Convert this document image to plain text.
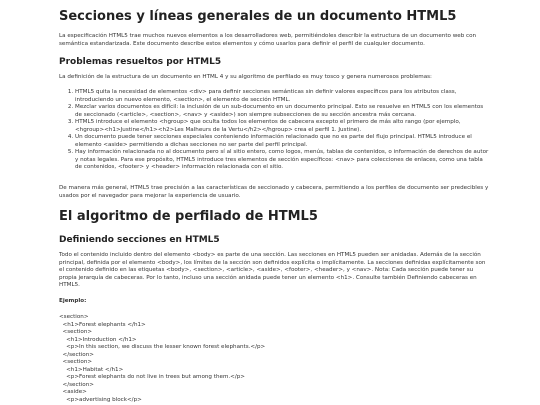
Secciones y líneas generales de un documento HTML5

La especificación HTML5 trae muchos nuevos elementos a los desarrolladores web, permitiéndoles describir la estructura de un documento web con semántica estandarizada. Este documento describe estos elementos y cómo usarlos para definir el perfil de cualquier documento.

Problemas resueltos por HTML5

La definición de la estructura de un documento en HTML 4 y su algoritmo de perfilado es muy tosco y genera numerosos problemas:

1. HTML5 quita la necesidad de elementos <div> para definir secciones semánticas sin definir valores específicos para los atributos class, introduciendo un nuevo elemento, <section>, el elemento de sección HTML.
2. Mezclar varios documentos es difícil: la inclusión de un sub-documento en un documento principal. Esto se resuelve en HTML5 con los elementos de seccionado (<article>, <section>, <nav> y <aside>) son siempre subsecciones de su sección ancestra más cercana.
3. HTML5 introduce el elemento <hgroup> que oculta todos los elementos de cabecera excepto el primero de más alto rango (por ejemplo, <hgroup><h1>Justine</h1><h2>Les Malheurs de la Vertu</h2></hgroup> crea el perfil 1. Justine).
4. Un documento puede tener secciones especiales conteniendo información relacionado que no es parte del flujo principal. HTML5 introduce el elemento <aside> permitiendo a dichas secciones no ser parte del perfil principal.
5. Hay información relacionada no al documento pero sí al sitio entero, como logos, menús, tablas de contenidos, o información de derechos de autor y notas legales. Para ese propósito, HTML5 introduce tres elementos de sección específicos: <nav> para colecciones de enlaces, como una tabla de contenidos, <footer> y <header> información relacionada con el sitio.

De manera más general, HTML5 trae precisión a las características de seccionado y cabecera, permitiendo a los perfiles de documento ser predecibles y usados por el navegador para mejorar la experiencia de usuario.

El algoritmo de perfilado de HTML5
Definiendo secciones en HTML5

Todo el contenido incluido dentro del elemento <body> es parte de una sección. Las secciones en HTML5 pueden ser anidadas. Además de la sección principal, definida por el elemento <body>, los límites de la sección son definidos explícita o implícitamente. La secciones definidas explícitamente son el contenido definido en las etiquetas <body>, <section>, <article>, <aside>, <footer>, <header>, y <nav>. Nota: Cada sección puede tener su propia jerarquía de cabeceras. Por lo tanto, incluso una sección anidada puede tener un elemento <h1>. Consulte también Definiendo cabeceras en HTML5.

Ejemplo:
<section>
<h1>Forest elephants </h1>
<section>
<h1>Introduction </h1>
<p>In this section, we discuss the lesser known forest elephants.</p>
</section>
<section>
<h1>Habitat </h1>
<p>Forest elephants do not live in trees but among them.</p>
</section>
<aside>
<p>advertising block</p>
